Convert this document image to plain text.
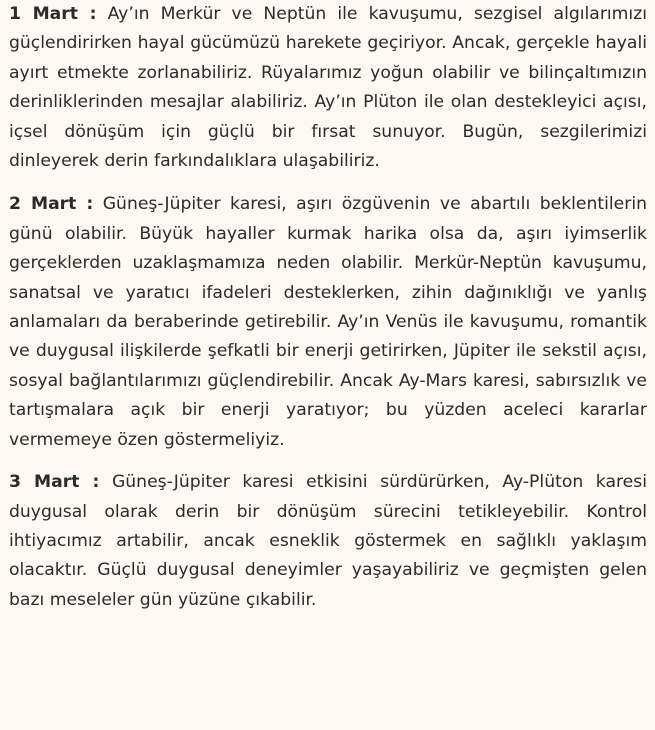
1 Mart : Ay’ın Merkür ve Neptün ile kavuşumu, sezgisel algılarımızı güçlendirirken hayal gücümüzü harekete geçiriyor. Ancak, gerçekle hayali ayırt etmekte zorlanabiliriz. Rüyalarımız yoğun olabilir ve bilinçaltımızın derinliklerinden mesajlar alabiliriz. Ay’ın Plüton ile olan destekleyici açısı, içsel dönüşüm için güçlü bir fırsat sunuyor. Bugün, sezgilerimizi dinleyerek derin farkındalıklara ulaşabiliriz.

2 Mart : Güneş-Jüpiter karesi, aşırı özgüvenin ve abartılı beklentilerin günü olabilir. Büyük hayaller kurmak harika olsa da, aşırı iyimserlik gerçeklerden uzaklaşmamıza neden olabilir. Merkür-Neptün kavuşumu, sanatsal ve yaratıcı ifadeleri desteklerken, zihin dağınıklığı ve yanlış anlamaları da beraberinde getirebilir. Ay’ın Venüs ile kavuşumu, romantik ve duygusal ilişkilerde şefkatli bir enerji getirirken, Jüpiter ile sekstil açısı, sosyal bağlantılarımızı güçlendirebilir. Ancak Ay-Mars karesi, sabırsızlık ve tartışmalara açık bir enerji yaratıyor; bu yüzden aceleci kararlar vermemeye özen göstermeliyiz.

3 Mart : Güneş-Jüpiter karesi etkisini sürdürürken, Ay-Plüton karesi duygusal olarak derin bir dönüşüm sürecini tetikleyebilir. Kontrol ihtiyacımız artabilir, ancak esneklik göstermek en sağlıklı yaklaşım olacaktır. Güçlü duygusal deneyimler yaşayabiliriz ve geçmişten gelen bazı meseleler gün yüzüne çıkabilir.
